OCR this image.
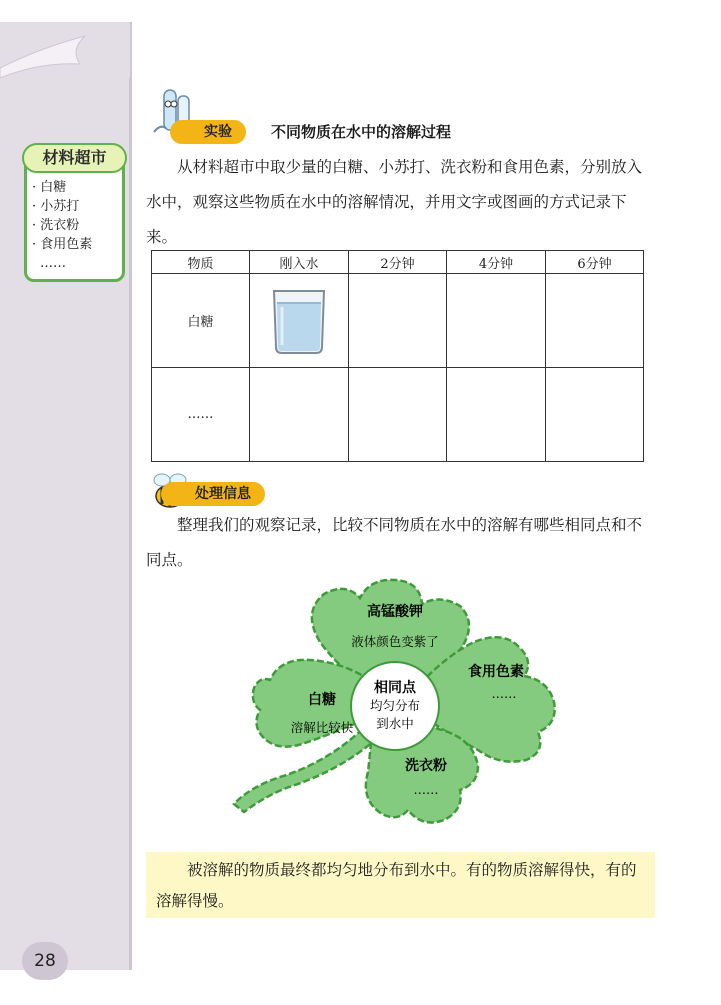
材料超市
· 白糖
· 小苏打
· 洗衣粉
· 食用色素
……
实验	不同物质在水中的溶解过程

从材料超市中取少量的白糖、小苏打、洗衣粉和食用色素，分别放入水中，观察这些物质在水中的溶解情况，并用文字或图画的方式记录下来。

物质	刚入水	2分钟	4分钟	6分钟
白糖	

……				
处理信息

整理我们的观察记录，比较不同物质在水中的溶解有哪些相同点和不同点。

相同点
均匀分布
到水中
高锰酸钾
液体颜色变紫了
食用色素
……
白糖
溶解比较快
洗衣粉
……

被溶解的物质最终都均匀地分布到水中。有的物质溶解得快，有的溶解得慢。

28
